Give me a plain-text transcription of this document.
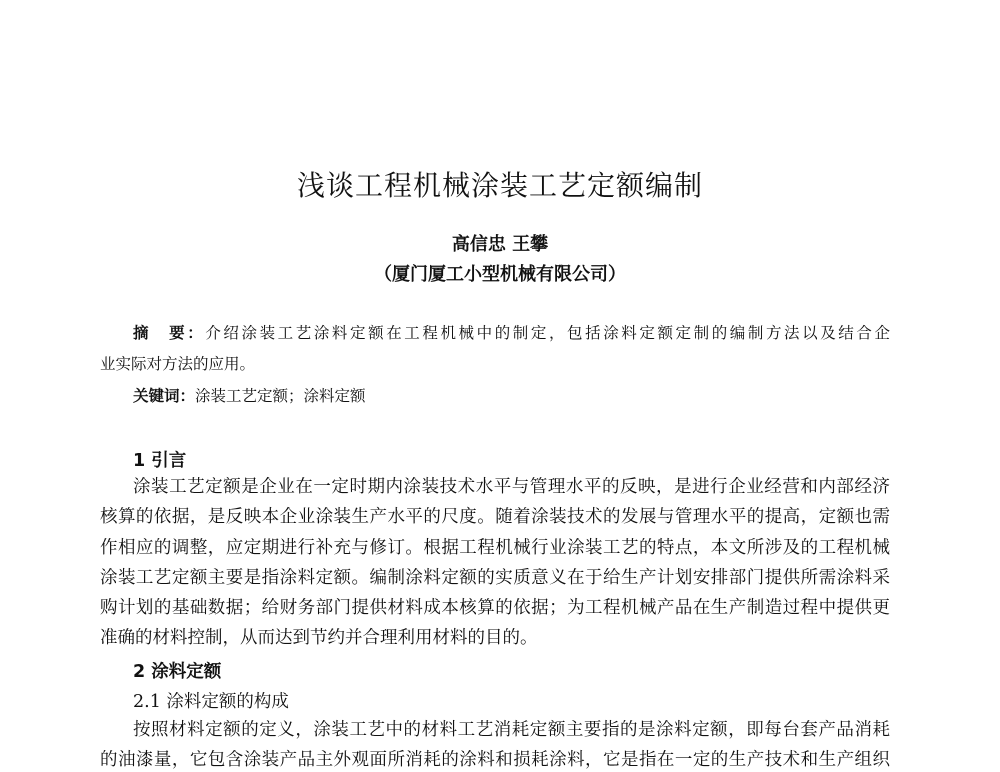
浅谈工程机械涂装工艺定额编制
高信忠 王攀
（厦门厦工小型机械有限公司）
摘　要：介绍涂装工艺涂料定额在工程机械中的制定，包括涂料定额定制的编制方法以及结合企
业实际对方法的应用。
关键词：涂装工艺定额；涂料定额
1 引言
涂装工艺定额是企业在一定时期内涂装技术水平与管理水平的反映，是进行企业经营和内部经济
核算的依据，是反映本企业涂装生产水平的尺度。随着涂装技术的发展与管理水平的提高，定额也需
作相应的调整，应定期进行补充与修订。根据工程机械行业涂装工艺的特点，本文所涉及的工程机械
涂装工艺定额主要是指涂料定额。编制涂料定额的实质意义在于给生产计划安排部门提供所需涂料采
购计划的基础数据；给财务部门提供材料成本核算的依据；为工程机械产品在生产制造过程中提供更
准确的材料控制，从而达到节约并合理利用材料的目的。
2 涂料定额
2.1 涂料定额的构成
按照材料定额的定义，涂装工艺中的材料工艺消耗定额主要指的是涂料定额，即每台套产品消耗
的油漆量，它包含涂装产品主外观面所消耗的涂料和损耗涂料，它是指在一定的生产技术和生产组织
